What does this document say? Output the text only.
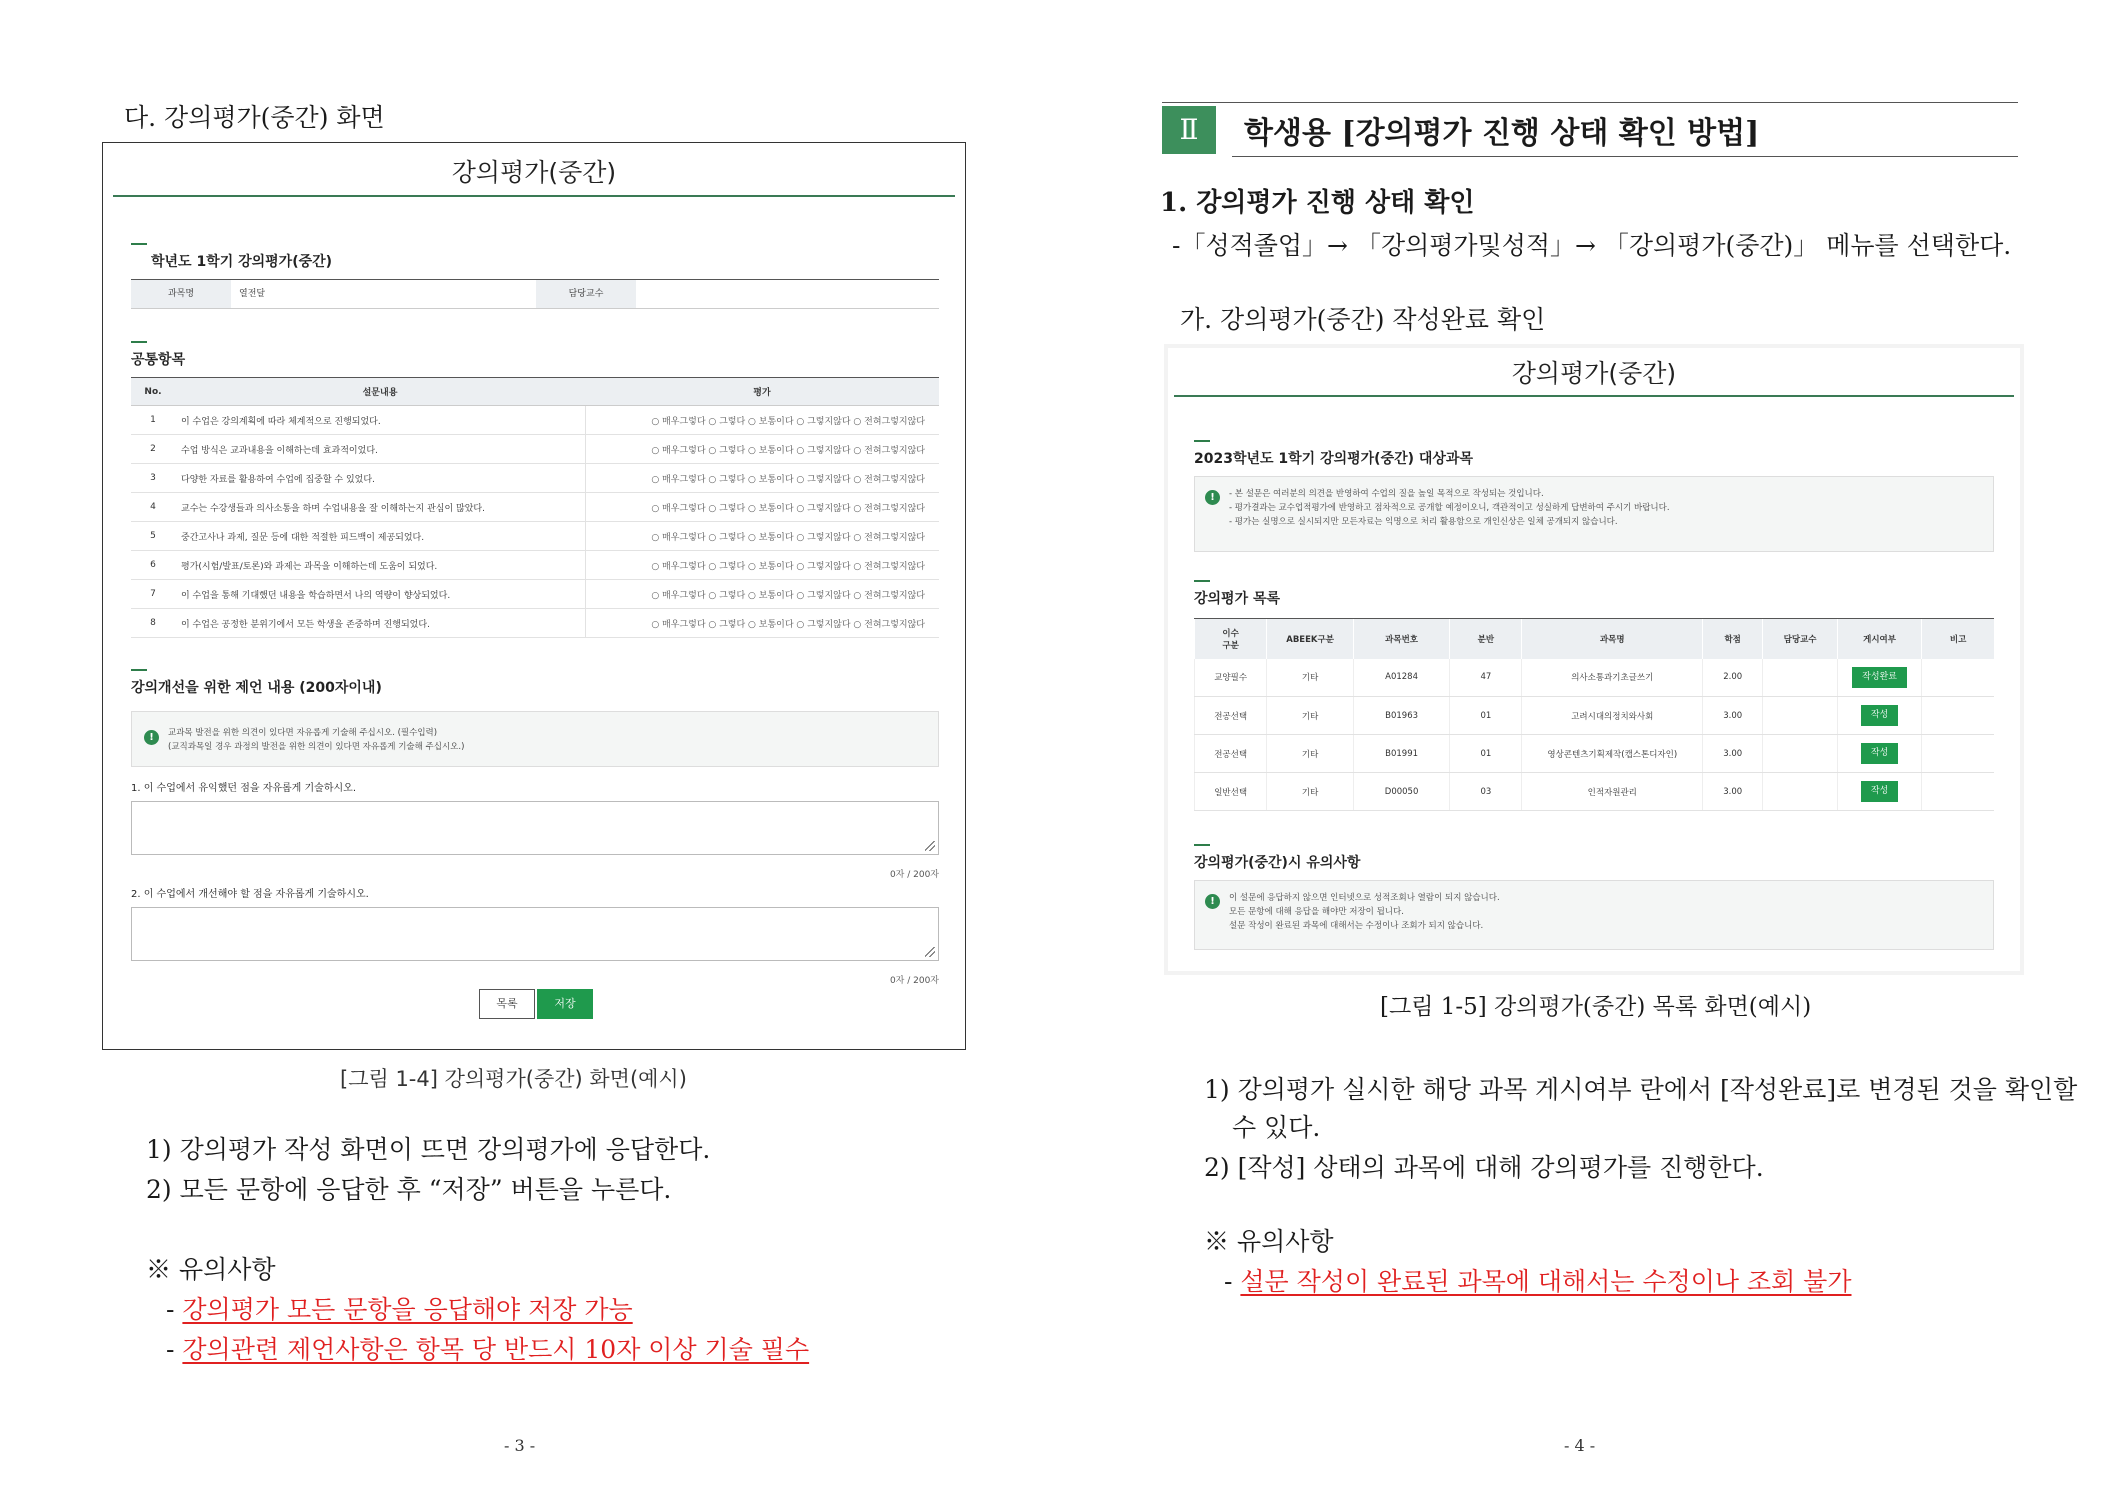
다. 강의평가(중간) 화면
강의평가(중간)
학년도 1학기 강의평가(중간)
과목명	열전달	담당교수
공통항목
No.	설문내용	평가
1	이 수업은 강의계획에 따라 체계적으로 진행되었다.	○ 매우그렇다 ○ 그렇다 ○ 보통이다 ○ 그렇지않다 ○ 전혀그렇지않다
2	수업 방식은 교과내용을 이해하는데 효과적이었다.	○ 매우그렇다 ○ 그렇다 ○ 보통이다 ○ 그렇지않다 ○ 전혀그렇지않다
3	다양한 자료를 활용하여 수업에 집중할 수 있었다.	○ 매우그렇다 ○ 그렇다 ○ 보통이다 ○ 그렇지않다 ○ 전혀그렇지않다
4	교수는 수강생들과 의사소통을 하며 수업내용을 잘 이해하는지 관심이 많았다.	○ 매우그렇다 ○ 그렇다 ○ 보통이다 ○ 그렇지않다 ○ 전혀그렇지않다
5	중간고사나 과제, 질문 등에 대한 적절한 피드백이 제공되었다.	○ 매우그렇다 ○ 그렇다 ○ 보통이다 ○ 그렇지않다 ○ 전혀그렇지않다
6	평가(시험/발표/토론)와 과제는 과목을 이해하는데 도움이 되었다.	○ 매우그렇다 ○ 그렇다 ○ 보통이다 ○ 그렇지않다 ○ 전혀그렇지않다
7	이 수업을 통해 기대했던 내용을 학습하면서 나의 역량이 향상되었다.	○ 매우그렇다 ○ 그렇다 ○ 보통이다 ○ 그렇지않다 ○ 전혀그렇지않다
8	이 수업은 공정한 분위기에서 모든 학생을 존중하며 진행되었다.	○ 매우그렇다 ○ 그렇다 ○ 보통이다 ○ 그렇지않다 ○ 전혀그렇지않다
강의개선을 위한 제언 내용 (200자이내)
!	교과목 발전을 위한 의견이 있다면 자유롭게 기술해 주십시오. (필수입력)
(교직과목일 경우 과정의 발전을 위한 의견이 있다면 자유롭게 기술해 주십시오.)
1. 이 수업에서 유익했던 점을 자유롭게 기술하시오.
0자 / 200자
2. 이 수업에서 개선해야 할 점을 자유롭게 기술하시오.
0자 / 200자
목록	저장
[그림 1-4] 강의평가(중간) 화면(예시)
1) 강의평가 작성 화면이 뜨면 강의평가에 응답한다.
2) 모든 문항에 응답한 후 “저장” 버튼을 누른다.
※ 유의사항
- 강의평가 모든 문항을 응답해야 저장 가능
- 강의관련 제언사항은 항목 당 반드시 10자 이상 기술 필수
- 3 -
Ⅱ	학생용 [강의평가 진행 상태 확인 방법]
1. 강의평가 진행 상태 확인
-「성적졸업」→ 「강의평가및성적」→ 「강의평가(중간)」 메뉴를 선택한다.
가. 강의평가(중간) 작성완료 확인
강의평가(중간)
2023학년도 1학기 강의평가(중간) 대상과목
!	- 본 설문은 여러분의 의견을 반영하여 수업의 질을 높일 목적으로 작성되는 것입니다.
- 평가결과는 교수업적평가에 반영하고 점차적으로 공개할 예정이오니, 객관적이고 성실하게 답변하여 주시기 바랍니다.
- 평가는 실명으로 실시되지만 모든자료는 익명으로 처리 활용함으로 개인신상은 일체 공개되지 않습니다.
강의평가 목록
이수
구분	ABEEK구분	과목번호	분반	과목명	학점	담당교수	게시여부	비고
교양필수	기타	A01284	47	의사소통과기초글쓰기	2.00		작성완료	
전공선택	기타	B01963	01	고려시대의정치와사회	3.00		작성	
전공선택	기타	B01991	01	영상콘텐츠기획제작(캡스톤디자인)	3.00		작성	
일반선택	기타	D00050	03	인적자원관리	3.00		작성	
강의평가(중간)시 유의사항
!	이 설문에 응답하지 않으면 인터넷으로 성적조회나 열람이 되지 않습니다.
모든 문항에 대해 응답을 해야만 저장이 됩니다.
설문 작성이 완료된 과목에 대해서는 수정이나 조회가 되지 않습니다.
[그림 1-5] 강의평가(중간) 목록 화면(예시)
1) 강의평가 실시한 해당 과목 게시여부 란에서 [작성완료]로 변경된 것을 확인할
수 있다.
2) [작성] 상태의 과목에 대해 강의평가를 진행한다.
※ 유의사항
- 설문 작성이 완료된 과목에 대해서는 수정이나 조회 불가
- 4 -
